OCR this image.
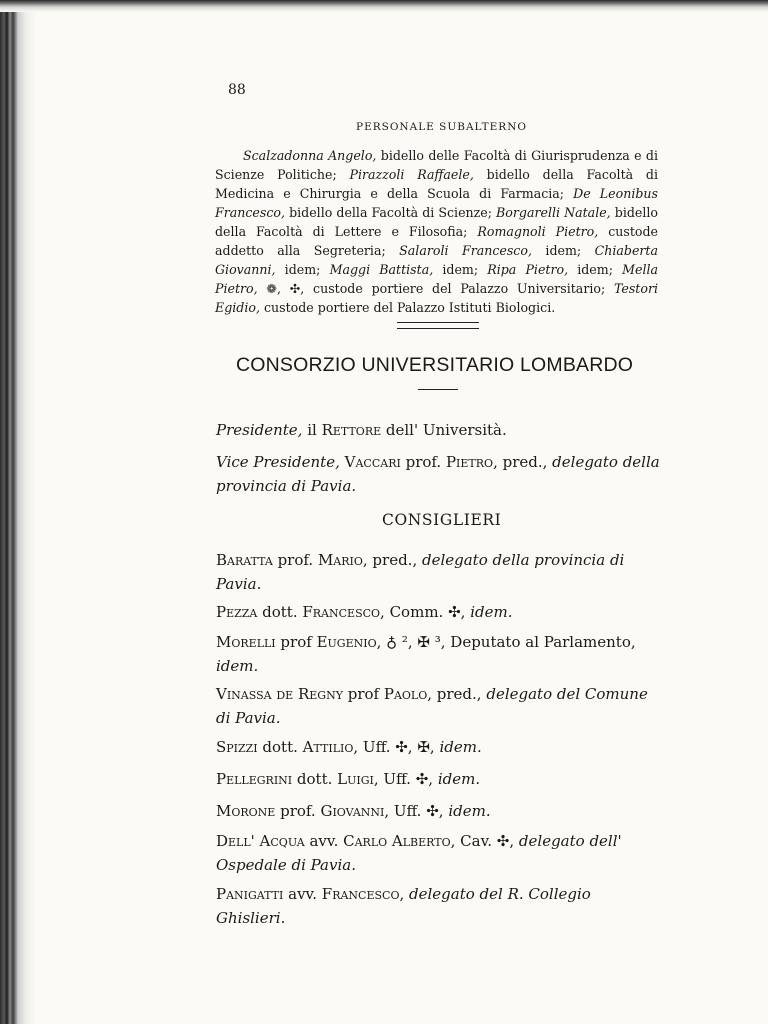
88
PERSONALE SUBALTERNO

Scalzadonna Angelo, bidello delle Facoltà di Giurisprudenza e di Scienze Politiche; Pirazzoli Raffaele, bidello della Facoltà di Medicina e Chirurgia e della Scuola di Farmacia; De Leonibus Francesco, bidello della Facoltà di Scienze; Borgarelli Natale, bidello della Facoltà di Lettere e Filosofia; Romagnoli Pietro, custode addetto alla Segreteria; Salaroli Francesco, idem; Chiaberta Giovanni, idem; Maggi Battista, idem; Ripa Pietro, idem; Mella Pietro, ❁, ✣, custode portiere del Palazzo Universitario; Testori Egidio, custode portiere del Palazzo Istituti Biologici.

CONSORZIO UNIVERSITARIO LOMBARDO
Presidente, il Rettore dell' Università.
Vice Presidente, Vaccari prof. Pietro, pred., delegato della provincia di Pavia.
CONSIGLIERI
Baratta prof. Mario, pred., delegato della provincia di Pavia.
Pezza dott. Francesco, Comm. ✣, idem.
Morelli prof Eugenio, ♁ ², ✠ ³, Deputato al Parlamento, idem.
Vinassa de Regny prof Paolo, pred., delegato del Comune di Pavia.
Spizzi dott. Attilio, Uff. ✣, ✠, idem.
Pellegrini dott. Luigi, Uff. ✣, idem.
Morone prof. Giovanni, Uff. ✣, idem.
Dell' Acqua avv. Carlo Alberto, Cav. ✣, delegato dell' Ospedale di Pavia.
Panigatti avv. Francesco, delegato del R. Collegio Ghislieri.
